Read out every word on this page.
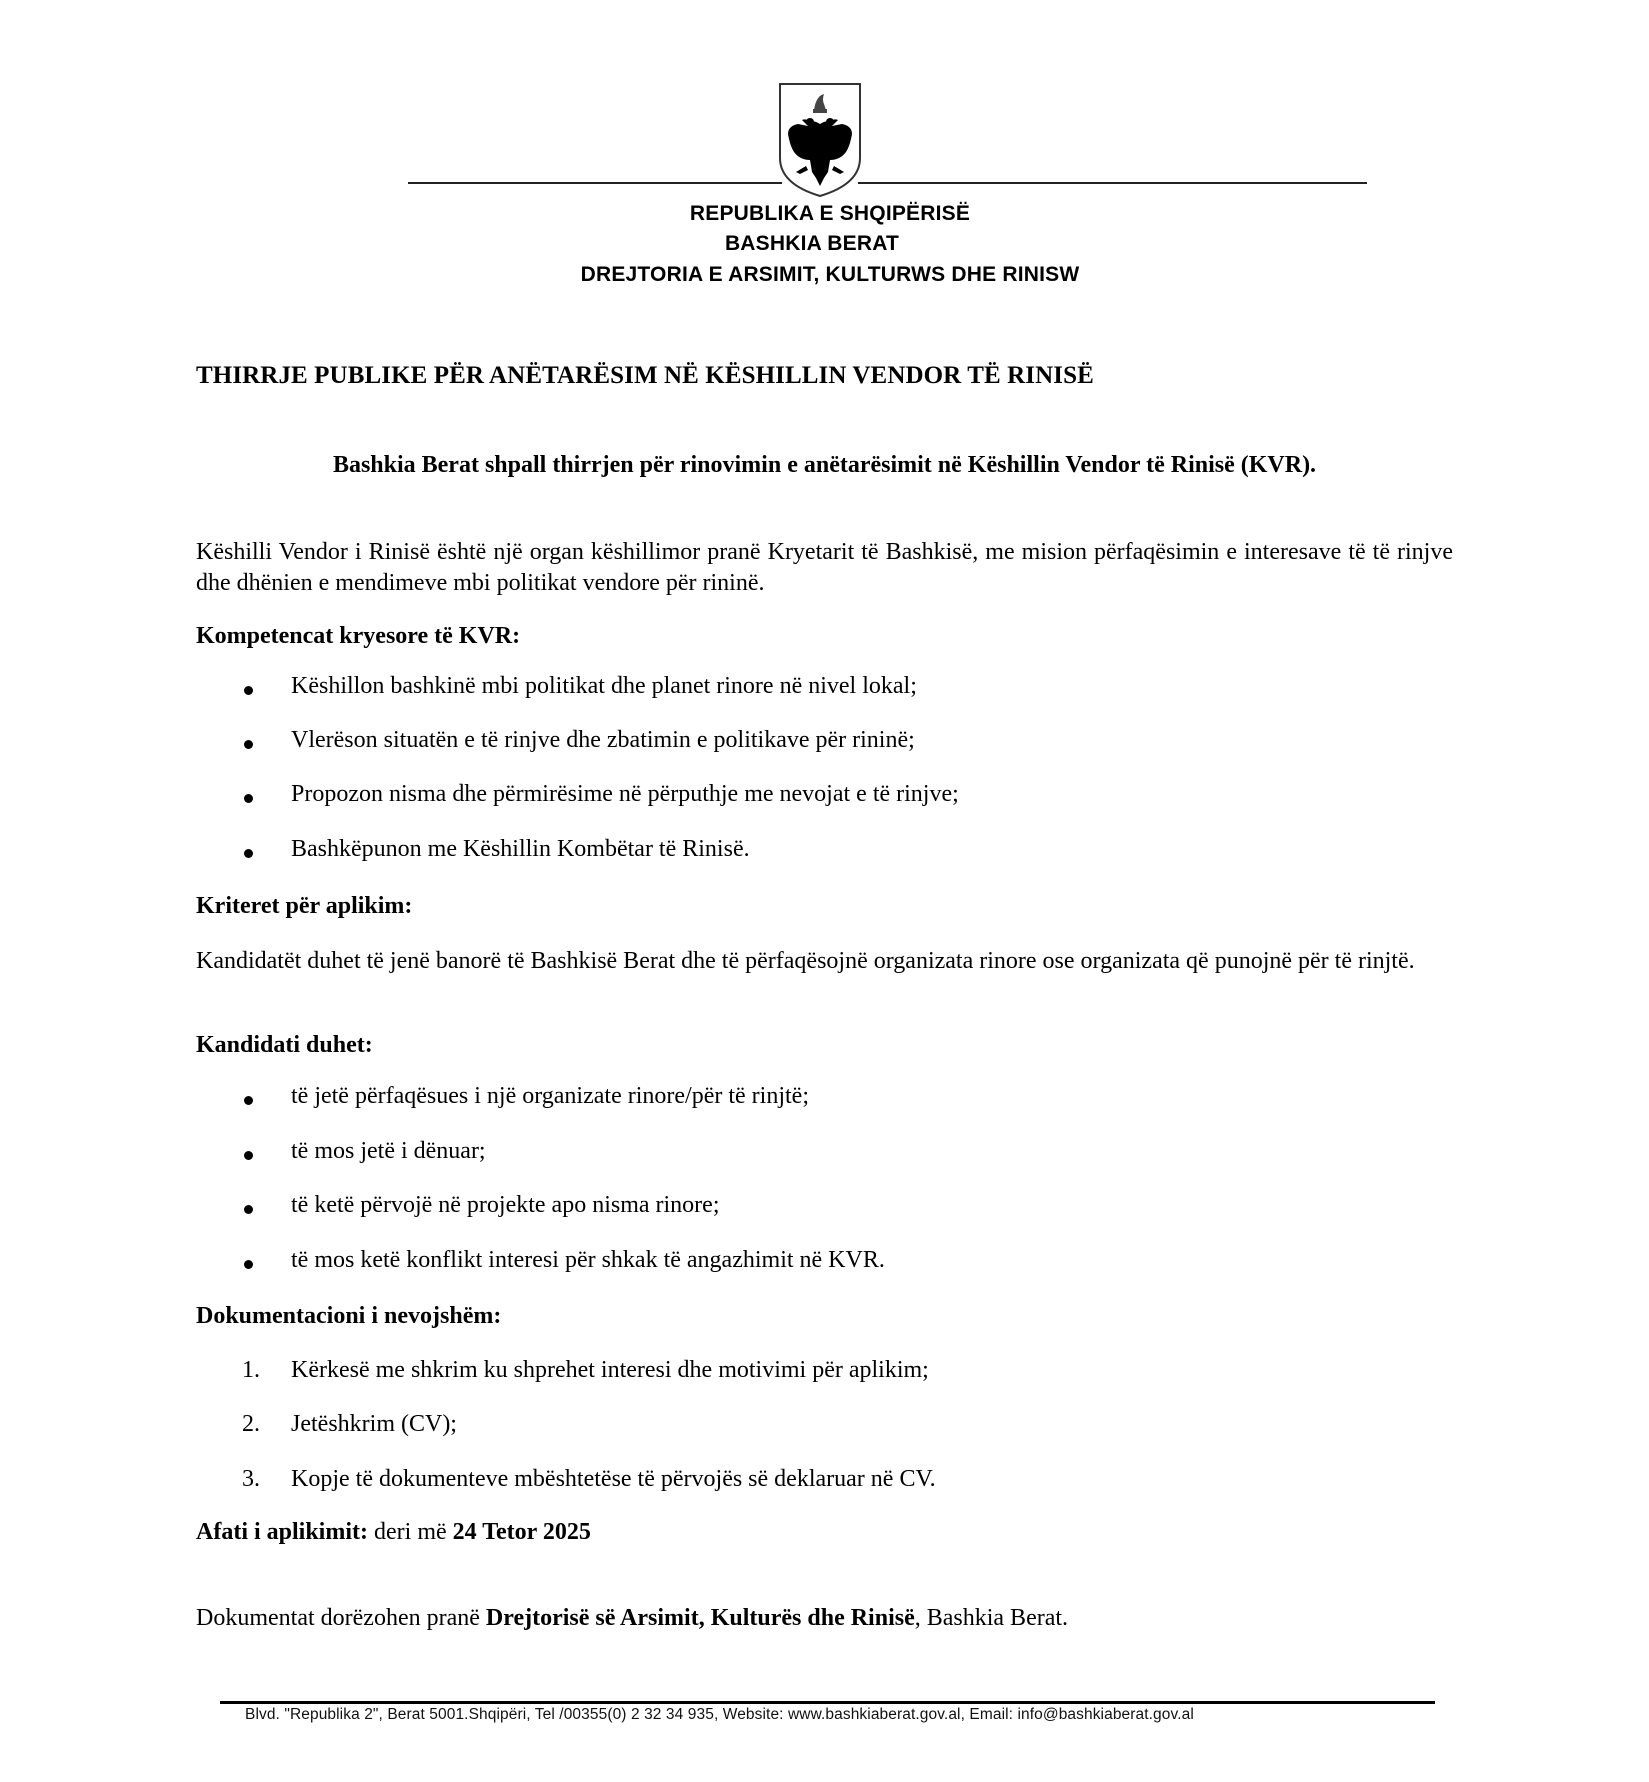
REPUBLIKA E SHQIPËRISË
BASHKIA BERAT
DREJTORIA E ARSIMIT, KULTURWS DHE RINISW
THIRRJE PUBLIKE PËR ANËTARËSIM NË KËSHILLIN VENDOR TË RINISË
Bashkia Berat shpall thirrjen për rinovimin e anëtarësimit në Këshillin Vendor të Rinisë (KVR).
Këshilli Vendor i Rinisë është një organ këshillimor pranë Kryetarit të Bashkisë, me mision përfaqësimin e interesave të të rinjve dhe dhënien e mendimeve mbi politikat vendore për rininë.
Kompetencat kryesore të KVR:
Këshillon bashkinë mbi politikat dhe planet rinore në nivel lokal;
Vlerëson situatën e të rinjve dhe zbatimin e politikave për rininë;
Propozon nisma dhe përmirësime në përputhje me nevojat e të rinjve;
Bashkëpunon me Këshillin Kombëtar të Rinisë.
Kriteret për aplikim:
Kandidatët duhet të jenë banorë të Bashkisë Berat dhe të përfaqësojnë organizata rinore ose organizata që punojnë për të rinjtë.
Kandidati duhet:
të jetë përfaqësues i një organizate rinore/për të rinjtë;
të mos jetë i dënuar;
të ketë përvojë në projekte apo nisma rinore;
të mos ketë konflikt interesi për shkak të angazhimit në KVR.
Dokumentacioni i nevojshëm:
1. Kërkesë me shkrim ku shprehet interesi dhe motivimi për aplikim;
2. Jetëshkrim (CV);
3. Kopje të dokumenteve mbështetëse të përvojës së deklaruar në CV.
Afati i aplikimit: deri më 24 Tetor 2025
Dokumentat dorëzohen pranë Drejtorisë së Arsimit, Kulturës dhe Rinisë, Bashkia Berat.
Blvd. "Republika 2", Berat 5001.Shqipëri, Tel /00355(0) 2 32 34 935, Website: www.bashkiaberat.gov.al, Email: info@bashkiaberat.gov.al
